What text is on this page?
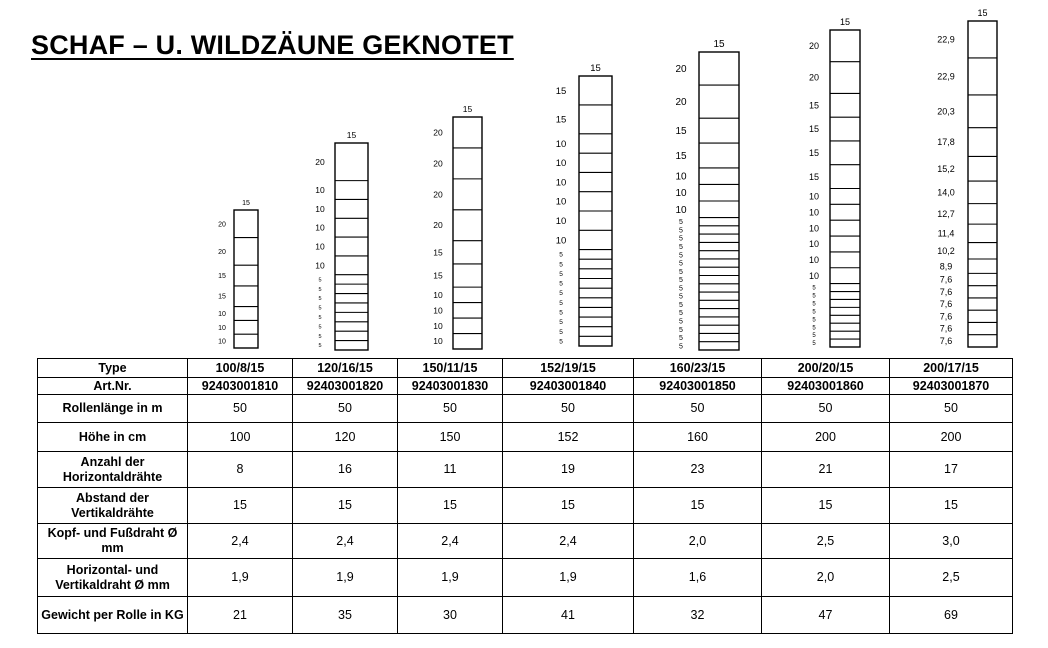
SCHAF – U. WILDZÄUNE GEKNOTET
15
20
20
15
15
10
10
10
15
20
10
10
10
10
10
5
5
5
5
5
5
5
5
15
20
20
20
20
15
15
10
10
10
10
15
15
15
10
10
10
10
10
10
5
5
5
5
5
5
5
5
5
5
15
20
20
15
15
10
10
10
5
5
5
5
5
5
5
5
5
5
5
5
5
5
5
5
15
20
20
15
15
15
15
10
10
10
10
10
10
5
5
5
5
5
5
5
5
15
22,9
22,9
20,3
17,8
15,2
14,0
12,7
11,4
10,2
8,9
7,6
7,6
7,6
7,6
7,6
7,6
Type	100/8/15	120/16/15	150/11/15	152/19/15	160/23/15	200/20/15	200/17/15
Art.Nr.	92403001810	92403001820	92403001830	92403001840	92403001850	92403001860	92403001870
Rollenlänge in m	50	50	50	50	50	50	50
Höhe in cm	100	120	150	152	160	200	200
Anzahl der Horizontaldrähte	8	16	11	19	23	21	17
Abstand der Vertikaldrähte	15	15	15	15	15	15	15
Kopf- und Fußdraht Ø mm	2,4	2,4	2,4	2,4	2,0	2,5	3,0
Horizontal- und Vertikaldraht Ø mm	1,9	1,9	1,9	1,9	1,6	2,0	2,5
Gewicht per Rolle in KG	21	35	30	41	32	47	69
